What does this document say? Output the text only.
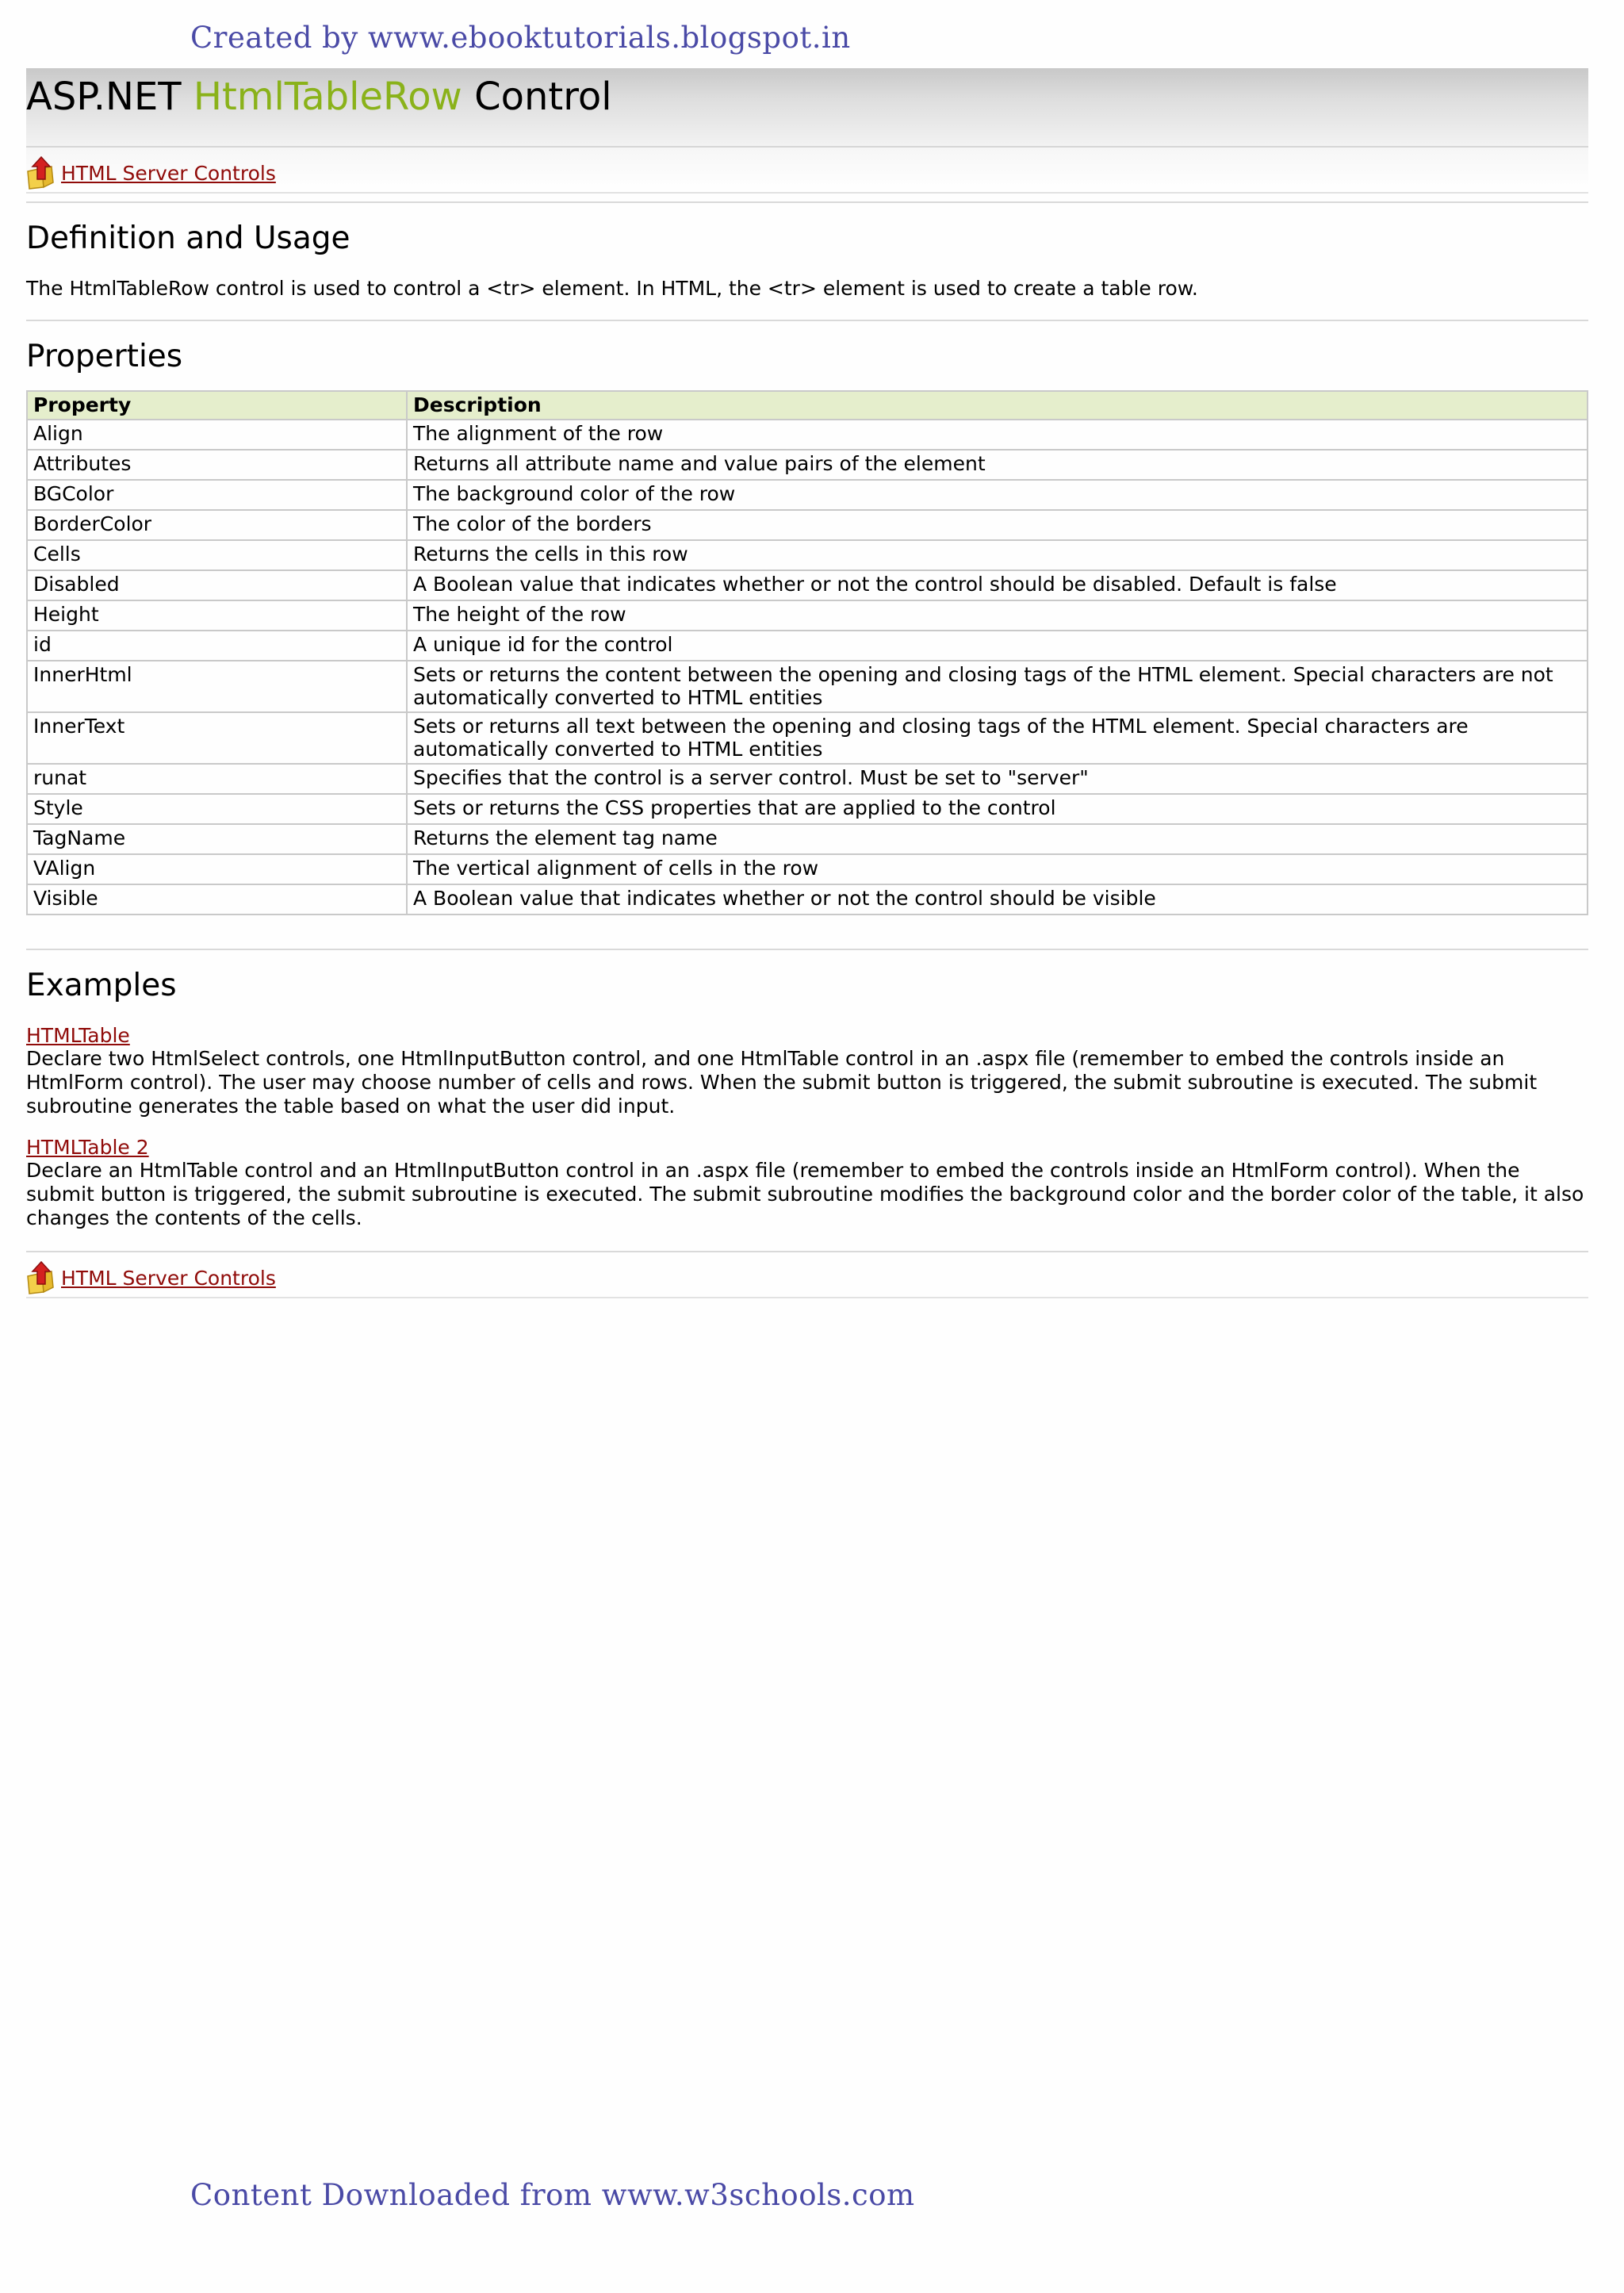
Created by www.ebooktutorials.blogspot.in
ASP.NET HtmlTableRow Control
HTML Server Controls
Definition and Usage

The HtmlTableRow control is used to control a <tr> element. In HTML, the <tr> element is used to create a table row.

Properties
Property	Description
Align	The alignment of the row
Attributes	Returns all attribute name and value pairs of the element
BGColor	The background color of the row
BorderColor	The color of the borders
Cells	Returns the cells in this row
Disabled	A Boolean value that indicates whether or not the control should be disabled. Default is false
Height	The height of the row
id	A unique id for the control
InnerHtml	Sets or returns the content between the opening and closing tags of the HTML element. Special characters are not automatically converted to HTML entities
InnerText	Sets or returns all text between the opening and closing tags of the HTML element. Special characters are automatically converted to HTML entities
runat	Specifies that the control is a server control. Must be set to "server"
Style	Sets or returns the CSS properties that are applied to the control
TagName	Returns the element tag name
VAlign	The vertical alignment of cells in the row
Visible	A Boolean value that indicates whether or not the control should be visible
Examples
HTMLTable

Declare two HtmlSelect controls, one HtmlInputButton control, and one HtmlTable control in an .aspx file (remember to embed the controls inside an HtmlForm control). The user may choose number of cells and rows. When the submit button is triggered, the submit subroutine is executed. The submit subroutine generates the table based on what the user did input.

HTMLTable 2

Declare an HtmlTable control and an HtmlInputButton control in an .aspx file (remember to embed the controls inside an HtmlForm control). When the submit button is triggered, the submit subroutine is executed. The submit subroutine modifies the background color and the border color of the table, it also changes the contents of the cells.

HTML Server Controls
Content Downloaded from www.w3schools.com
